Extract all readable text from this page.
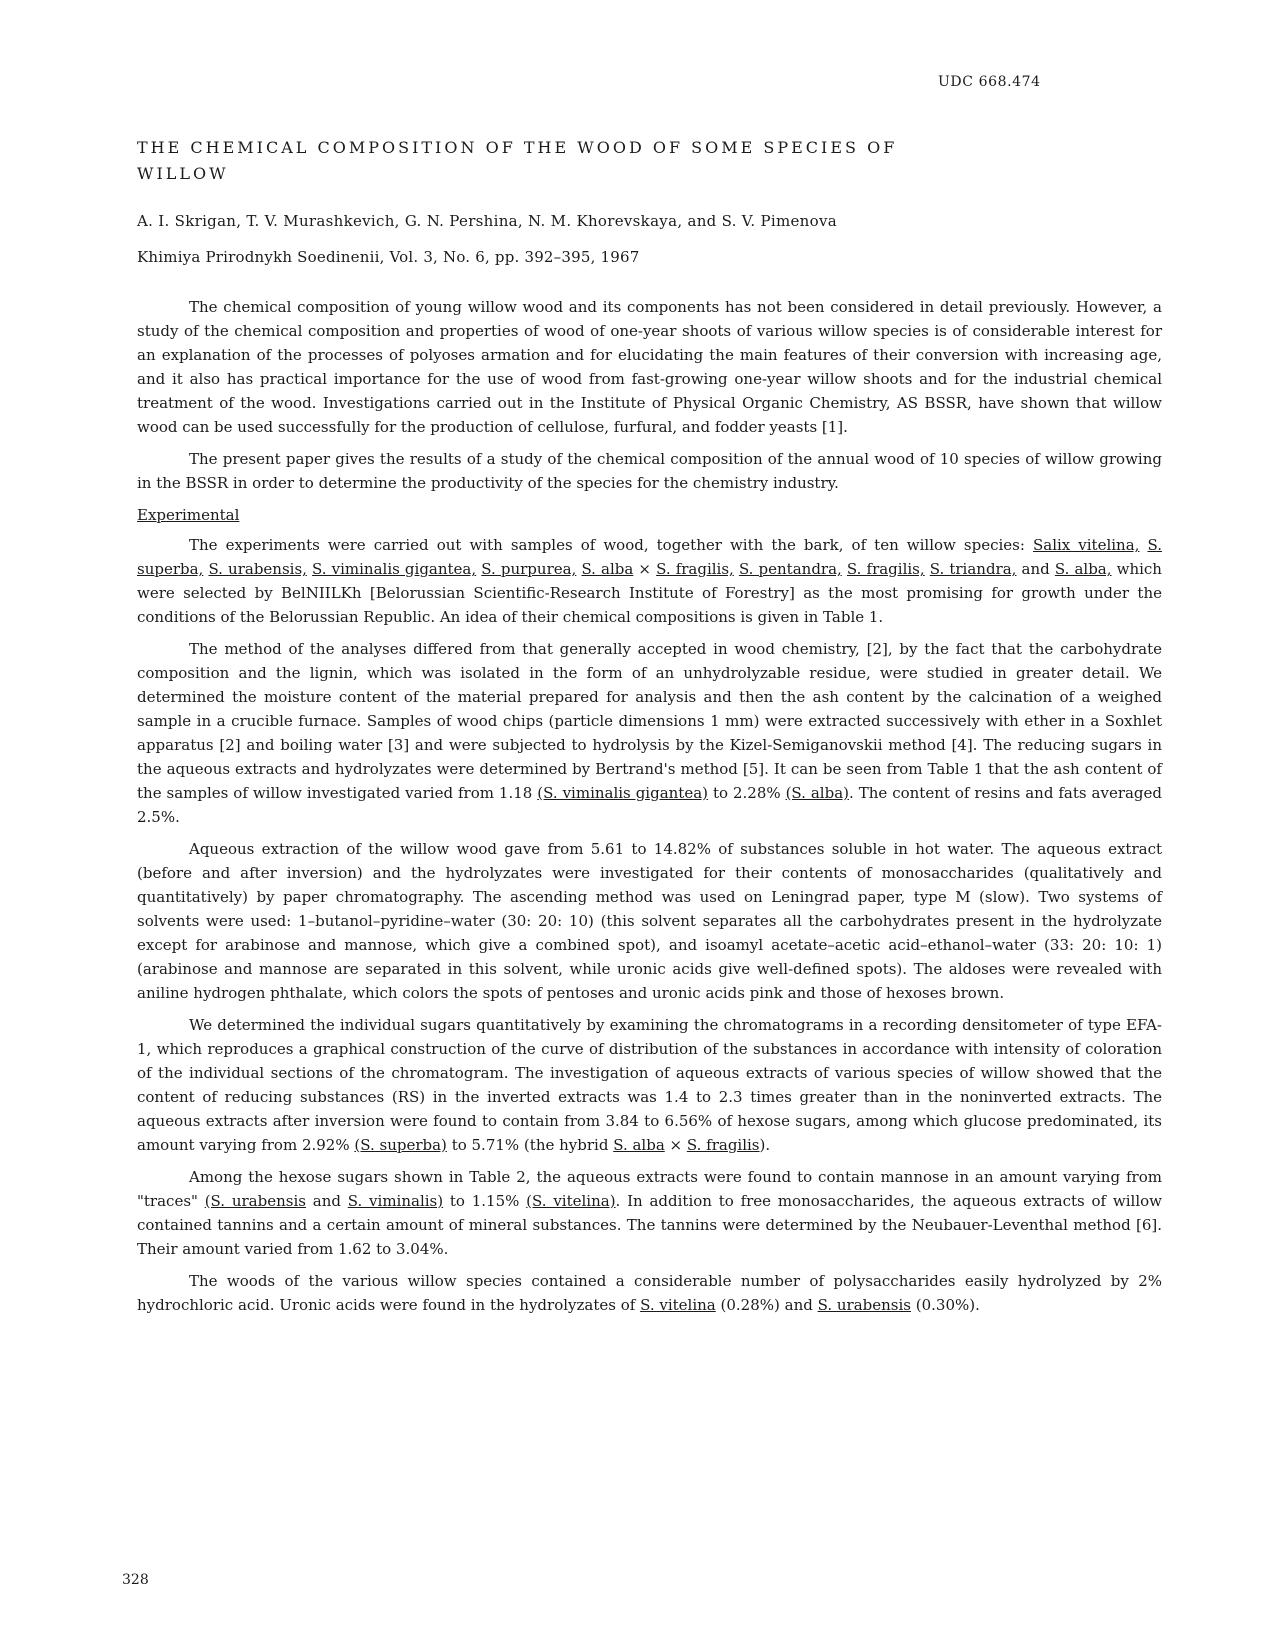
UDC 668.474
THE CHEMICAL COMPOSITION OF THE WOOD OF SOME SPECIES OF WILLOW
A. I. Skrigan, T. V. Murashkevich, G. N. Pershina, N. M. Khorevskaya, and S. V. Pimenova
Khimiya Prirodnykh Soedinenii, Vol. 3, No. 6, pp. 392–395, 1967

The chemical composition of young willow wood and its components has not been considered in detail previously. However, a study of the chemical composition and properties of wood of one-year shoots of various willow species is of considerable interest for an explanation of the processes of polyoses armation and for elucidating the main features of their conversion with increasing age, and it also has practical importance for the use of wood from fast-growing one-year willow shoots and for the industrial chemical treatment of the wood. Investigations carried out in the Institute of Physical Organic Chemistry, AS BSSR, have shown that willow wood can be used successfully for the production of cellulose, furfural, and fodder yeasts [1].

The present paper gives the results of a study of the chemical composition of the annual wood of 10 species of willow growing in the BSSR in order to determine the productivity of the species for the chemistry industry.

Experimental

The experiments were carried out with samples of wood, together with the bark, of ten willow species: Salix vitelina, S. superba, S. urabensis, S. viminalis gigantea, S. purpurea, S. alba × S. fragilis, S. pentandra, S. fragilis, S. triandra, and S. alba, which were selected by BelNIILKh [Belorussian Scientific-Research Institute of Forestry] as the most promising for growth under the conditions of the Belorussian Republic. An idea of their chemical compositions is given in Table 1.

The method of the analyses differed from that generally accepted in wood chemistry, [2], by the fact that the carbohydrate composition and the lignin, which was isolated in the form of an unhydrolyzable residue, were studied in greater detail. We determined the moisture content of the material prepared for analysis and then the ash content by the calcination of a weighed sample in a crucible furnace. Samples of wood chips (particle dimensions 1 mm) were extracted successively with ether in a Soxhlet apparatus [2] and boiling water [3] and were subjected to hydrolysis by the Kizel-Semiganovskii method [4]. The reducing sugars in the aqueous extracts and hydrolyzates were determined by Bertrand's method [5]. It can be seen from Table 1 that the ash content of the samples of willow investigated varied from 1.18 (S. viminalis gigantea) to 2.28% (S. alba). The content of resins and fats averaged 2.5%.

Aqueous extraction of the willow wood gave from 5.61 to 14.82% of substances soluble in hot water. The aqueous extract (before and after inversion) and the hydrolyzates were investigated for their contents of monosaccharides (qualitatively and quantitatively) by paper chromatography. The ascending method was used on Leningrad paper, type M (slow). Two systems of solvents were used: 1–butanol–pyridine–water (30: 20: 10) (this solvent separates all the carbohydrates present in the hydrolyzate except for arabinose and mannose, which give a combined spot), and isoamyl acetate–acetic acid–ethanol–water (33: 20: 10: 1) (arabinose and mannose are separated in this solvent, while uronic acids give well-defined spots). The aldoses were revealed with aniline hydrogen phthalate, which colors the spots of pentoses and uronic acids pink and those of hexoses brown.

We determined the individual sugars quantitatively by examining the chromatograms in a recording densitometer of type EFA-1, which reproduces a graphical construction of the curve of distribution of the substances in accordance with intensity of coloration of the individual sections of the chromatogram. The investigation of aqueous extracts of various species of willow showed that the content of reducing substances (RS) in the inverted extracts was 1.4 to 2.3 times greater than in the noninverted extracts. The aqueous extracts after inversion were found to contain from 3.84 to 6.56% of hexose sugars, among which glucose predominated, its amount varying from 2.92% (S. superba) to 5.71% (the hybrid S. alba × S. fragilis).

Among the hexose sugars shown in Table 2, the aqueous extracts were found to contain mannose in an amount varying from "traces" (S. urabensis and S. viminalis) to 1.15% (S. vitelina). In addition to free monosaccharides, the aqueous extracts of willow contained tannins and a certain amount of mineral substances. The tannins were determined by the Neubauer-Leventhal method [6]. Their amount varied from 1.62 to 3.04%.

The woods of the various willow species contained a considerable number of polysaccharides easily hydrolyzed by 2% hydrochloric acid. Uronic acids were found in the hydrolyzates of S. vitelina (0.28%) and S. urabensis (0.30%).

328
